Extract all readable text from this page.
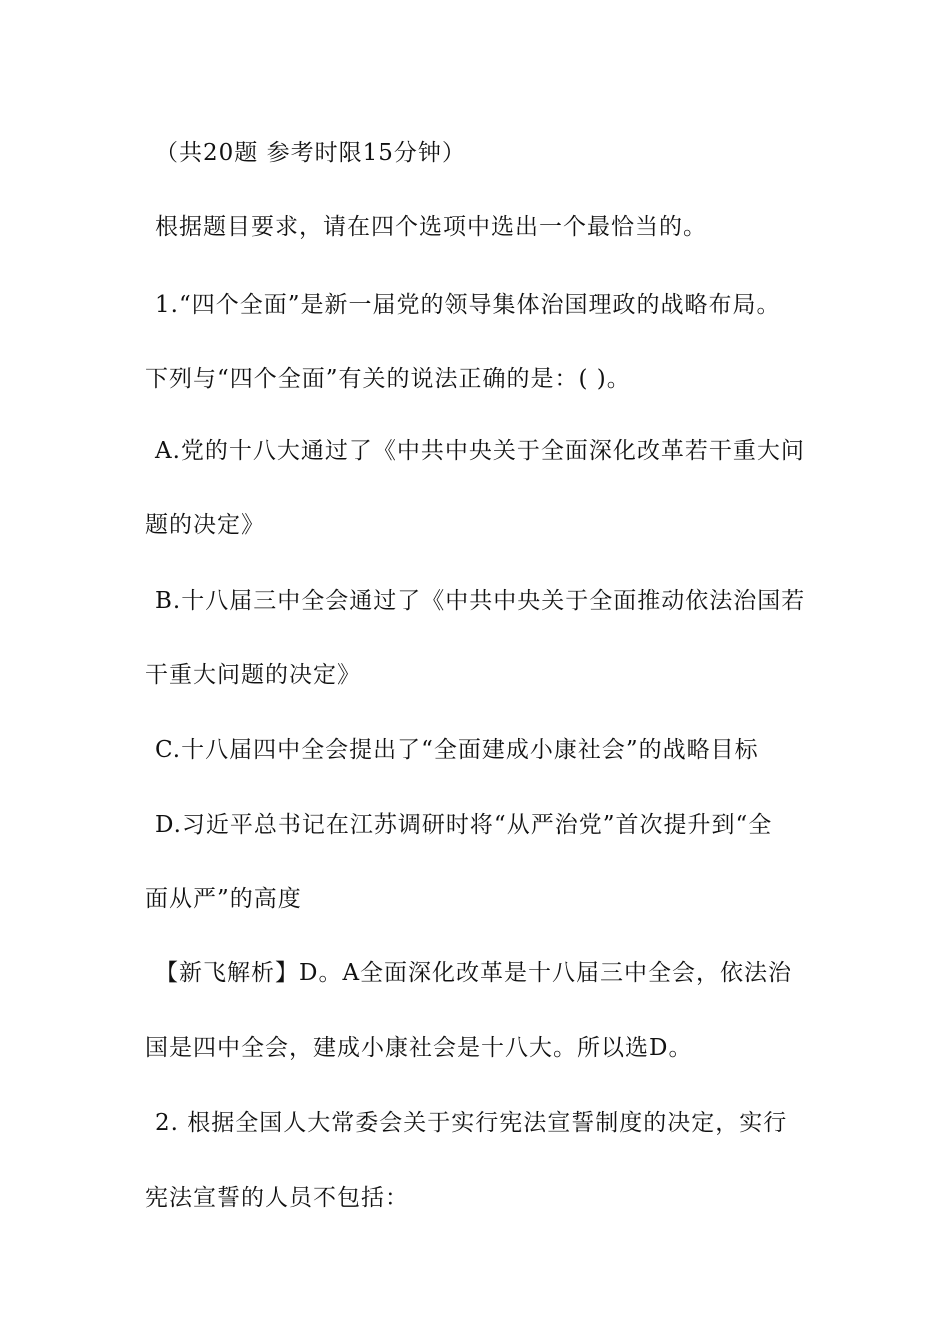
（共20题 参考时限15分钟）
根据题目要求，请在四个选项中选出一个最恰当的。
1.“四个全面”是新一届党的领导集体治国理政的战略布局。
下列与“四个全面”有关的说法正确的是：( )。
A.党的十八大通过了《中共中央关于全面深化改革若干重大问
题的决定》
B.十八届三中全会通过了《中共中央关于全面推动依法治国若
干重大问题的决定》
C.十八届四中全会提出了“全面建成小康社会”的战略目标
D.习近平总书记在江苏调研时将“从严治党”首次提升到“全
面从严”的高度
【新飞解析】D。A全面深化改革是十八届三中全会，依法治
国是四中全会，建成小康社会是十八大。所以选D。
2. 根据全国人大常委会关于实行宪法宣誓制度的决定，实行
宪法宣誓的人员不包括：
